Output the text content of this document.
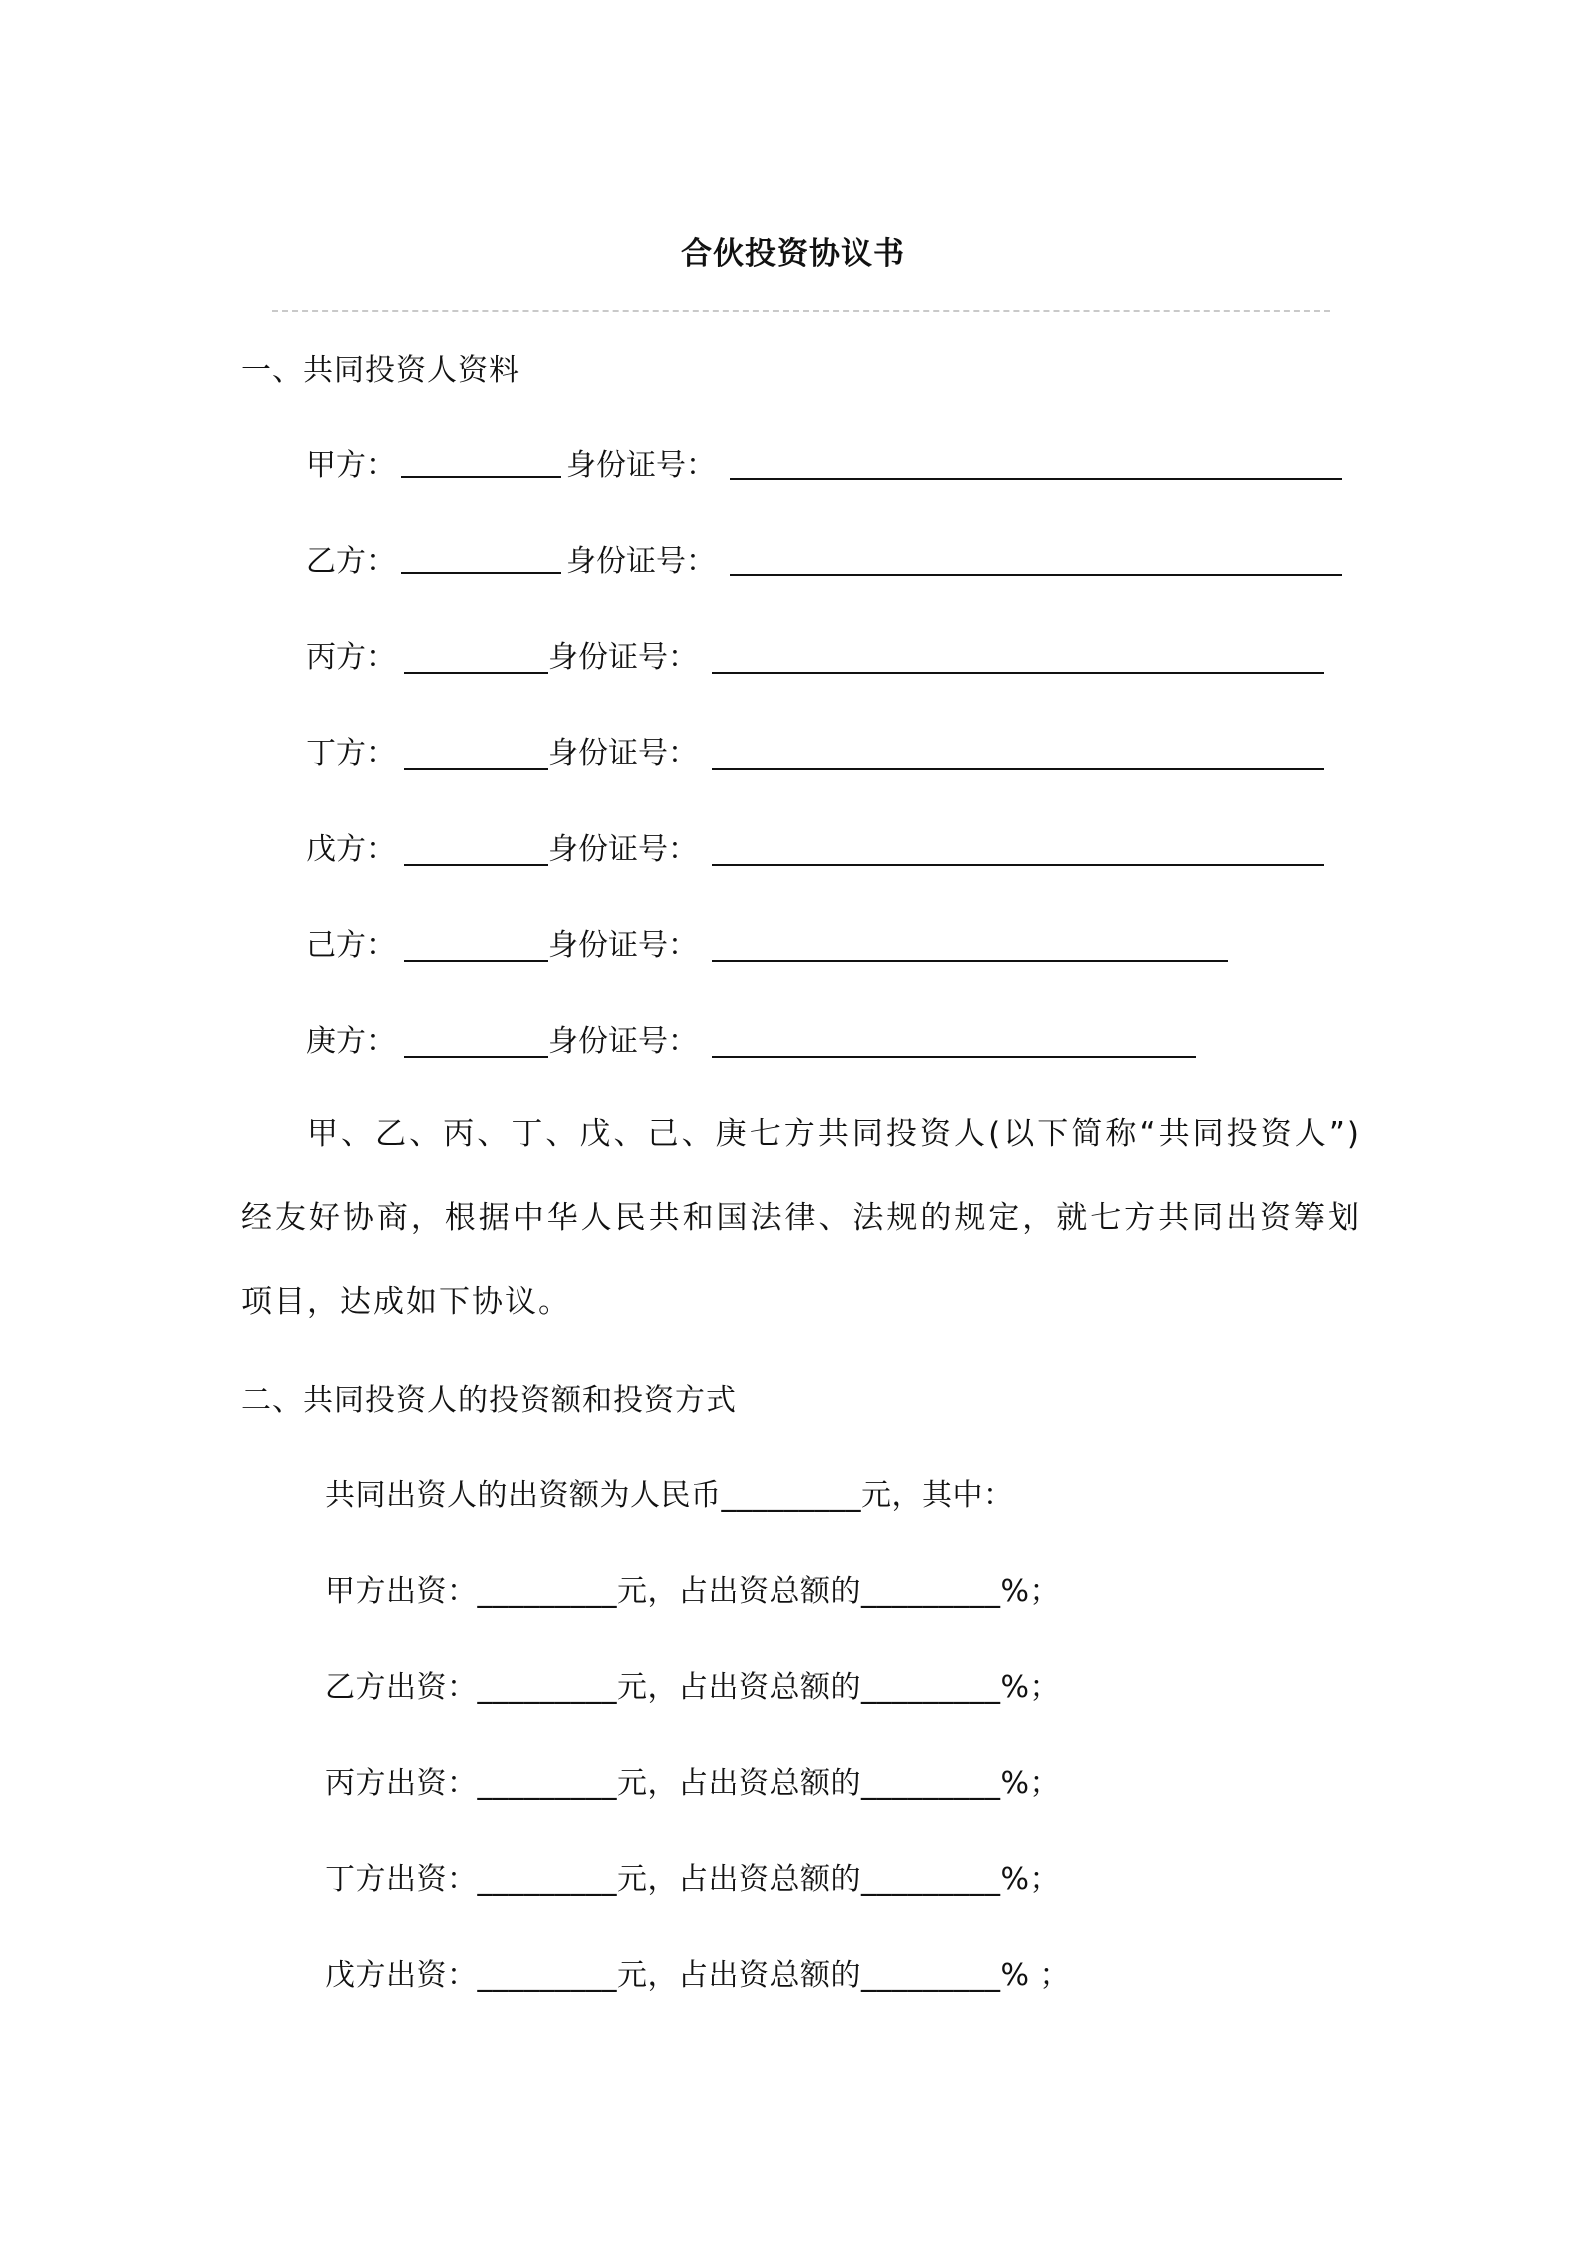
合伙投资协议书
一、共同投资人资料
甲方：	身份证号：
乙方：	身份证号：
丙方：	身份证号：
丁方：	身份证号：
戊方：	身份证号：
己方：	身份证号：
庚方：	身份证号：
甲、乙、丙、丁、戊、己、庚七方共同投资人(以下简称“共同投资人”)经友好协商，根据中华人民共和国法律、法规的规定，就七方共同出资筹划项目，达成如下协议。
二、共同投资人的投资额和投资方式
共同出资人的出资额为人民币_________元，其中：
甲方出资：_________元，占出资总额的_________%；
乙方出资：_________元，占出资总额的_________%；
丙方出资：_________元，占出资总额的_________%；
丁方出资：_________元，占出资总额的_________%；
戊方出资：_________元，占出资总额的_________% ；
